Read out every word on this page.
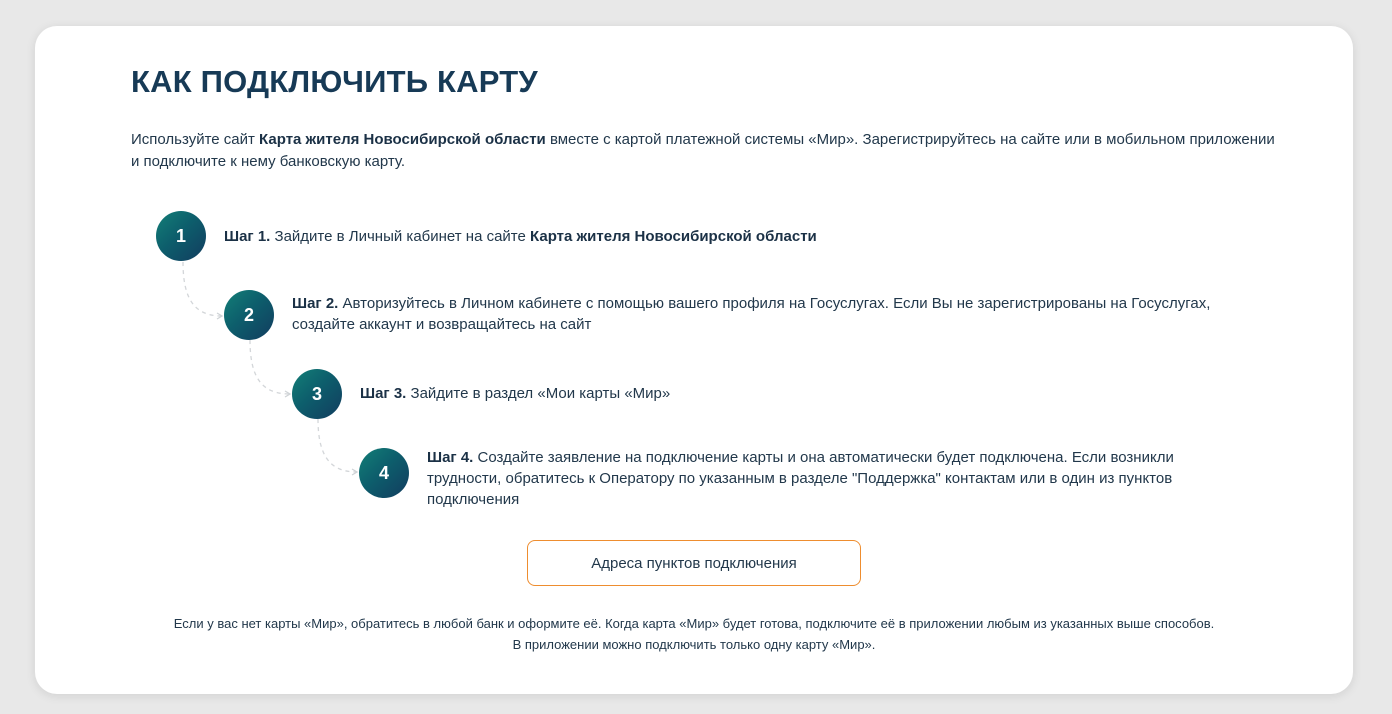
КАК ПОДКЛЮЧИТЬ КАРТУ

Используйте сайт Карта жителя Новосибирской области вместе с картой платежной системы «Мир». Зарегистрируйтесь на сайте или в мобильном приложении и подключите к нему банковскую карту.

1	Шаг 1. Зайдите в Личный кабинет на сайте Карта жителя Новосибирской области

2

Шаг 2. Авторизуйтесь в Личном кабинете с помощью вашего профиля на Госуслугах. Если Вы не зарегистрированы на Госуслугах, создайте аккаунт и возвращайтесь на сайт

3	Шаг 3. Зайдите в раздел «Мои карты «Мир»

4

Шаг 4. Создайте заявление на подключение карты и она автоматически будет подключена. Если возникли трудности, обратитесь к Оператору по указанным в разделе "Поддержка" контактам или в один из пунктов подключения

Адреса пунктов подключения

Если у вас нет карты «Мир», обратитесь в любой банк и оформите её. Когда карта «Мир» будет готова, подключите её в приложении любым из указанных выше способов.
В приложении можно подключить только одну карту «Мир».
